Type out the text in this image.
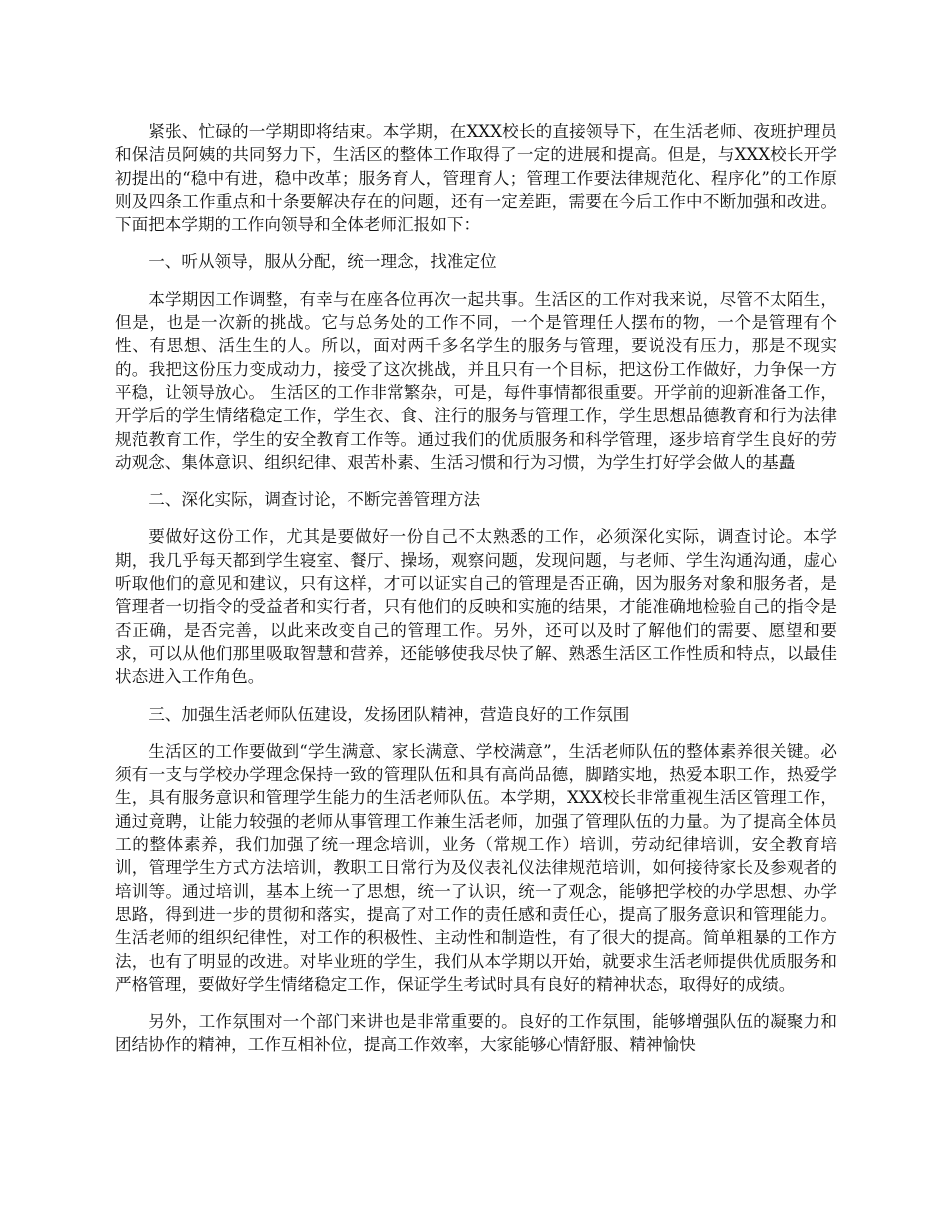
紧张、忙碌的一学期即将结束。本学期，在XXX校长的直接领导下，在生活老师、夜班护理员和保洁员阿姨的共同努力下，生活区的整体工作取得了一定的进展和提高。但是，与XXX校长开学初提出的“稳中有进，稳中改革；服务育人，管理育人；管理工作要法律规范化、程序化”的工作原则及四条工作重点和十条要解决存在的问题，还有一定差距，需要在今后工作中不断加强和改进。下面把本学期的工作向领导和全体老师汇报如下：

一、听从领导，服从分配，统一理念，找准定位

本学期因工作调整，有幸与在座各位再次一起共事。生活区的工作对我来说，尽管不太陌生，但是，也是一次新的挑战。它与总务处的工作不同，一个是管理任人摆布的物，一个是管理有个性、有思想、活生生的人。所以，面对两千多名学生的服务与管理，要说没有压力，那是不现实的。我把这份压力变成动力，接受了这次挑战，并且只有一个目标，把这份工作做好，力争保一方平稳，让领导放心。 生活区的工作非常繁杂，可是，每件事情都很重要。开学前的迎新准备工作，开学后的学生情绪稳定工作，学生衣、食、注行的服务与管理工作，学生思想品德教育和行为法律规范教育工作，学生的安全教育工作等。通过我们的优质服务和科学管理，逐步培育学生良好的劳动观念、集体意识、组织纪律、艰苦朴素、生活习惯和行为习惯，为学生打好学会做人的基矗

二、深化实际，调查讨论，不断完善管理方法

要做好这份工作，尤其是要做好一份自己不太熟悉的工作，必须深化实际，调查讨论。本学期，我几乎每天都到学生寝室、餐厅、操场，观察问题，发现问题，与老师、学生沟通沟通，虚心听取他们的意见和建议，只有这样，才可以证实自己的管理是否正确，因为服务对象和服务者，是管理者一切指令的受益者和实行者，只有他们的反映和实施的结果，才能准确地检验自己的指令是否正确，是否完善，以此来改变自己的管理工作。另外，还可以及时了解他们的需要、愿望和要求，可以从他们那里吸取智慧和营养，还能够使我尽快了解、熟悉生活区工作性质和特点，以最佳状态进入工作角色。

三、加强生活老师队伍建设，发扬团队精神，营造良好的工作氛围

生活区的工作要做到“学生满意、家长满意、学校满意”，生活老师队伍的整体素养很关键。必须有一支与学校办学理念保持一致的管理队伍和具有高尚品德，脚踏实地，热爱本职工作，热爱学生，具有服务意识和管理学生能力的生活老师队伍。本学期，XXX校长非常重视生活区管理工作，通过竟聘，让能力较强的老师从事管理工作兼生活老师，加强了管理队伍的力量。为了提高全体员工的整体素养，我们加强了统一理念培训，业务（常规工作）培训，劳动纪律培训，安全教育培训，管理学生方式方法培训，教职工日常行为及仪表礼仪法律规范培训，如何接待家长及参观者的培训等。通过培训，基本上统一了思想，统一了认识，统一了观念，能够把学校的办学思想、办学思路，得到进一步的贯彻和落实，提高了对工作的责任感和责任心，提高了服务意识和管理能力。生活老师的组织纪律性，对工作的积极性、主动性和制造性，有了很大的提高。简单粗暴的工作方法，也有了明显的改进。对毕业班的学生，我们从本学期以开始，就要求生活老师提供优质服务和严格管理，要做好学生情绪稳定工作，保证学生考试时具有良好的精神状态，取得好的成绩。

另外，工作氛围对一个部门来讲也是非常重要的。良好的工作氛围，能够增强队伍的凝聚力和团结协作的精神，工作互相补位，提高工作效率，大家能够心情舒服、精神愉快
